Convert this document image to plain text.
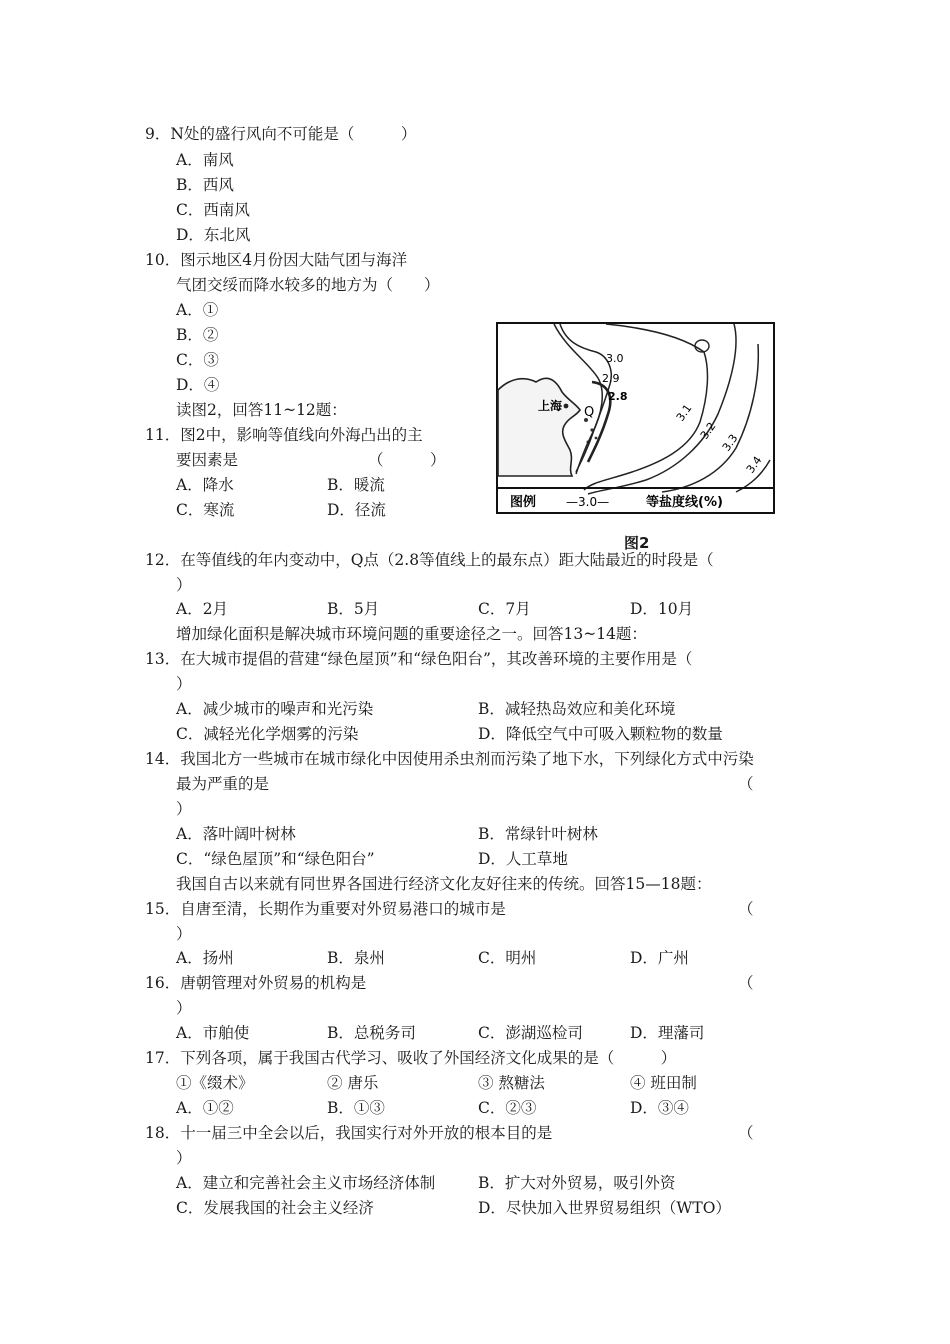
9．N处的盛行风向不可能是（　　　）
A．南风
B．西风
C．西南风
D．东北风
10．图示地区4月份因大陆气团与海洋
气团交绥而降水较多的地方为（　　）
A．①
B．②
C．③
D．④
读图2，回答11~12题：
11．图2中，影响等值线向外海凸出的主
要因素是	（　　　）
A．降水	B．暖流
C．寒流	D．径流
3.0
2.9
2.8
3.1
3.2
3.3
3.4
上海 Q
图例 —3.0—	等盐度线(%)
图2
12．在等值线的年内变动中，Q点（2.8等值线上的最东点）距大陆最近的时段是（
）
A．2月	B．5月	C．7月	D．10月
增加绿化面积是解决城市环境问题的重要途径之一。回答13~14题：
13．在大城市提倡的营建“绿色屋顶”和“绿色阳台”，其改善环境的主要作用是（
）
A．减少城市的噪声和光污染	B．减轻热岛效应和美化环境
C．减轻光化学烟雾的污染	D．降低空气中可吸入颗粒物的数量
14．我国北方一些城市在城市绿化中因使用杀虫剂而污染了地下水，下列绿化方式中污染
最为严重的是	（
）
A．落叶阔叶树林	B．常绿针叶树林
C．“绿色屋顶”和“绿色阳台”	D．人工草地
我国自古以来就有同世界各国进行经济文化友好往来的传统。回答15—18题：
15．自唐至清，长期作为重要对外贸易港口的城市是	（
）
A．扬州	B．泉州	C．明州	D．广州
16．唐朝管理对外贸易的机构是	（
）
A．市舶使	B．总税务司	C．澎湖巡检司	D．理藩司
17．下列各项，属于我国古代学习、吸收了外国经济文化成果的是（　　　）
①《缀术》	② 唐乐	③ 熬糖法	④ 班田制
A．①②	B．①③	C．②③	D．③④
18．十一届三中全会以后，我国实行对外开放的根本目的是	（
）
A．建立和完善社会主义市场经济体制	B．扩大对外贸易，吸引外资
C．发展我国的社会主义经济	D．尽快加入世界贸易组织（WTO）
